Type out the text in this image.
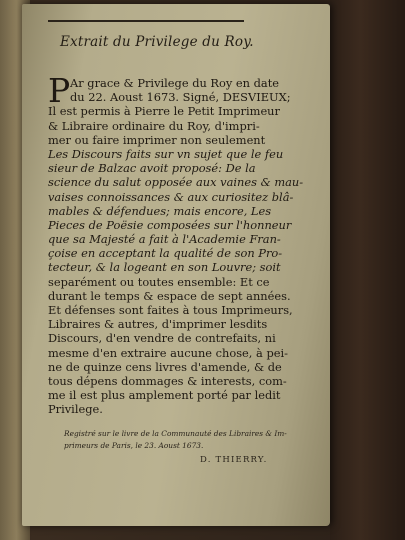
Extrait du Privilege du Roy.
P Ar grace & Privilege du Roy en date
du 22. Aoust 1673. Signé, DESVIEUX;
Il est permis à Pierre le Petit Imprimeur
& Libraire ordinaire du Roy, d'impri-
mer ou faire imprimer non seulement
Les Discours faits sur vn sujet que le feu
sieur de Balzac avoit proposé: De la
science du salut opposée aux vaines & mau-
vaises connoissances & aux curiositez blâ-
mables & défendues; mais encore, Les
Pieces de Poësie composées sur l'honneur
que sa Majesté a fait à l'Academie Fran-
çoise en acceptant la qualité de son Pro-
tecteur, & la logeant en son Louvre; soit
separément ou toutes ensemble: Et ce
durant le temps & espace de sept années.
Et défenses sont faites à tous Imprimeurs,
Libraires & autres, d'imprimer lesdits
Discours, d'en vendre de contrefaits, ni
mesme d'en extraire aucune chose, à pei-
ne de quinze cens livres d'amende, & de
tous dépens dommages & interests, com-
me il est plus amplement porté par ledit
Privilege.
Registré sur le livre de la Communauté des Libraires & Im-
primeurs de Paris, le 23. Aoust 1673.
D. THIERRY.
